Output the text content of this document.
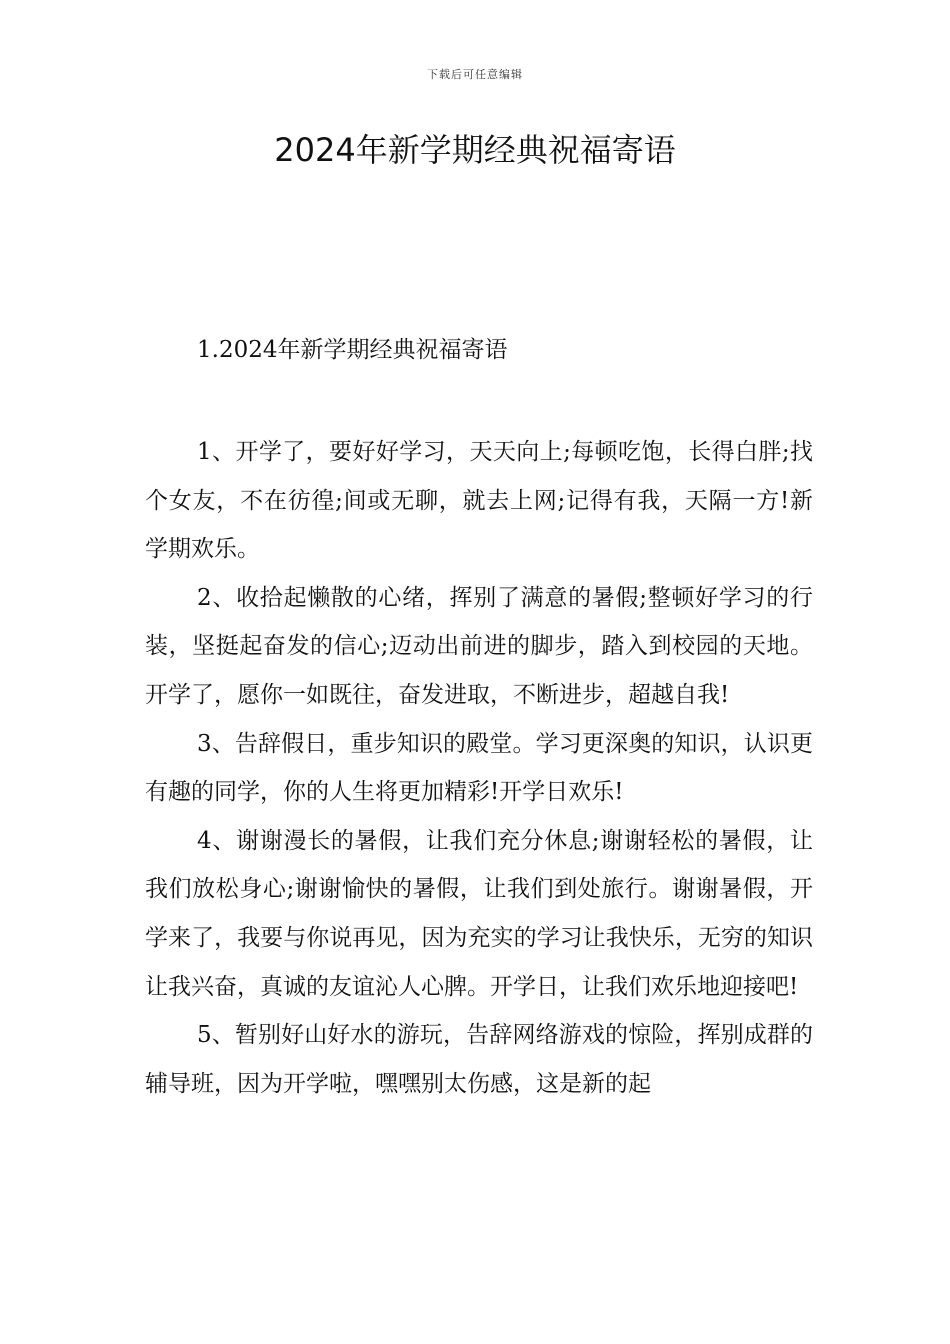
下载后可任意编辑
2024年新学期经典祝福寄语
1.2024年新学期经典祝福寄语

1、开学了，要好好学习，天天向上;每顿吃饱，长得白胖;找个女友，不在彷徨;间或无聊，就去上网;记得有我，天隔一方!新学期欢乐。

2、收拾起懒散的心绪，挥别了满意的暑假;整顿好学习的行装，坚挺起奋发的信心;迈动出前进的脚步，踏入到校园的天地。开学了，愿你一如既往，奋发进取，不断进步，超越自我!

3、告辞假日，重步知识的殿堂。学习更深奥的知识，认识更有趣的同学，你的人生将更加精彩!开学日欢乐!

4、谢谢漫长的暑假，让我们充分休息;谢谢轻松的暑假，让我们放松身心;谢谢愉快的暑假，让我们到处旅行。谢谢暑假，开学来了，我要与你说再见，因为充实的学习让我快乐，无穷的知识让我兴奋，真诚的友谊沁人心脾。开学日，让我们欢乐地迎接吧!

5、暂别好山好水的游玩，告辞网络游戏的惊险，挥别成群的辅导班，因为开学啦，嘿嘿别太伤感，这是新的起
